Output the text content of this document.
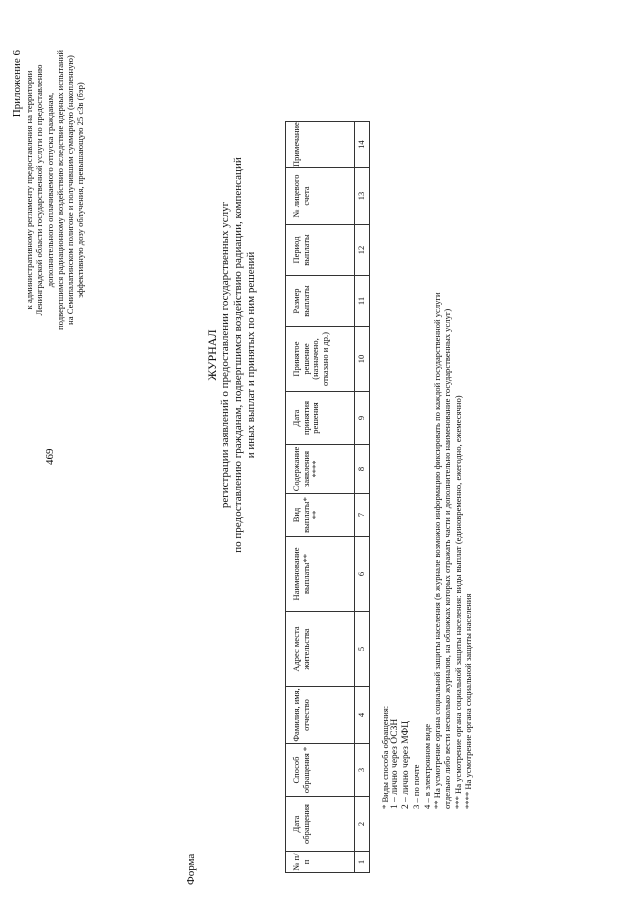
469
Приложение 6 к административному регламенту предоставления на территории Ленинградской области государственной услуги по предоставлению дополнительного оплачиваемого отпуска гражданам, подвергшимся радиационному воздействию вследствие ядерных испытаний на Семипалатинском полигоне и получившим суммарную (накопленную) эффективную дозу облучения, превышающую 25 сЗв (бэр)
Форма
ЖУРНАЛ регистрации заявлений о предоставлении государственных услуг по предоставлению гражданам, подвергшимся воздействию радиации, компенсаций и иных выплат и принятых по ним решений
№ п/п	Дата обращения	Способ обращения *	Фамилия, имя, отчество	Адрес места жительства	Наименование выплаты**	Вид выплаты* **	Содержание заявления ****	Дата принятия решения	Принятое решение (назначено, отказано и др.)	Размер выплаты	Период выплаты	№ лицевого счета	Примечание
1	2	3	4	5	6	7	8	9	10	11	12	13	14
* Виды способа обращения: 1 – лично через ОСЗН 2 – лично через МФЦ 3 – по почте 4 – в электронном виде ** На усмотрение органа социальной защиты населения (в журнале возможно информацию фиксировать по каждой государственной услуги отдельно либо вести несколько журналов, на обложках которых отражать части и дополнительно наименование государственных услуг) *** На усмотрение органа социальной защиты населения: виды выплат (единовременно, ежегодно, ежемесячно) **** На усмотрение органа социальной защиты населения
